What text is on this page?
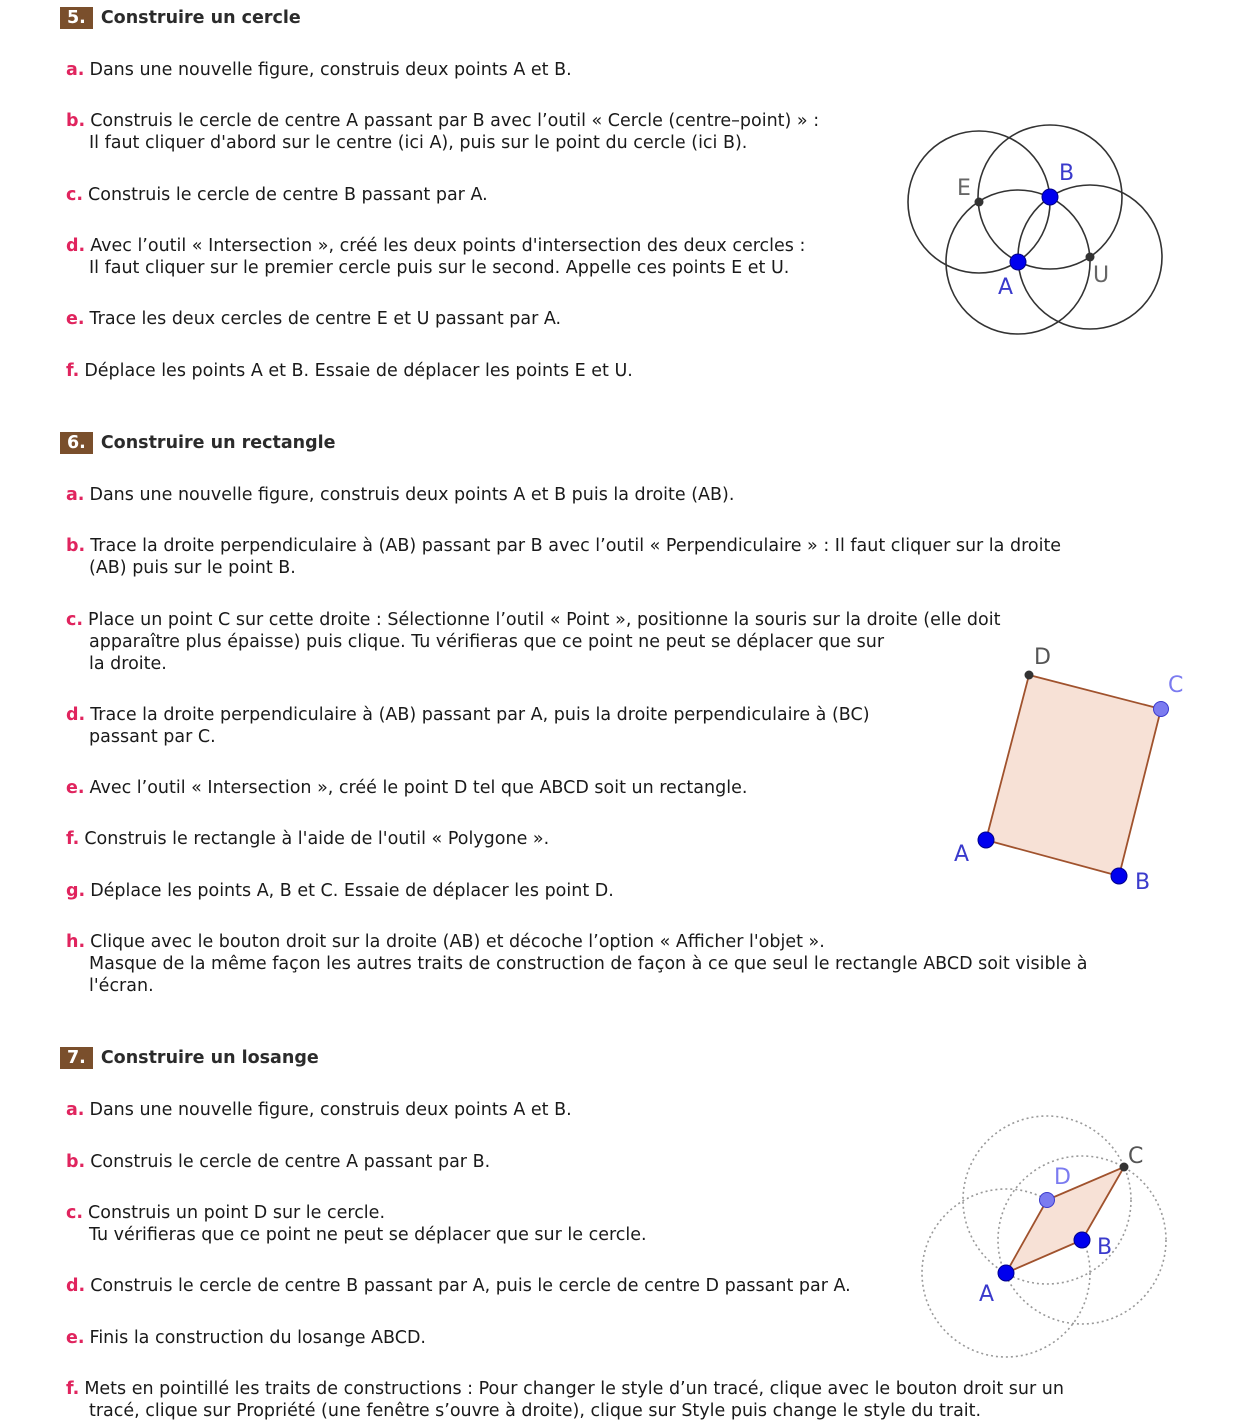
5. Construire un cercle
a. Dans une nouvelle figure, construis deux points A et B.
b. Construis le cercle de centre A passant par B avec l’outil « Cercle (centre–point) » :
Il faut cliquer d'abord sur le centre (ici A), puis sur le point du cercle (ici B).
c. Construis le cercle de centre B passant par A.
d. Avec l’outil « Intersection », créé les deux points d'intersection des deux cercles :
Il faut cliquer sur le premier cercle puis sur le second. Appelle ces points E et U.
e. Trace les deux cercles de centre E et U passant par A.
f. Déplace les points A et B. Essaie de déplacer les points E et U.
E
B
A	U
6. Construire un rectangle
a. Dans une nouvelle figure, construis deux points A et B puis la droite (AB).
b. Trace la droite perpendiculaire à (AB) passant par B avec l’outil « Perpendiculaire » : Il faut cliquer sur la droite
(AB) puis sur le point B.
c. Place un point C sur cette droite : Sélectionne l’outil « Point », positionne la souris sur la droite (elle doit
apparaître plus épaisse) puis clique. Tu vérifieras que ce point ne peut se déplacer que sur
la droite.
d. Trace la droite perpendiculaire à (AB) passant par A, puis la droite perpendiculaire à (BC)
passant par C.
e. Avec l’outil « Intersection », créé le point D tel que ABCD soit un rectangle.
f. Construis le rectangle à l'aide de l'outil « Polygone ».
g. Déplace les points A, B et C. Essaie de déplacer les point D.
h. Clique avec le bouton droit sur la droite (AB) et décoche l’option « Afficher l'objet ».
Masque de la même façon les autres traits de construction de façon à ce que seul le rectangle ABCD soit visible à
l'écran.
D
C
A
B
7. Construire un losange
a. Dans une nouvelle figure, construis deux points A et B.
b. Construis le cercle de centre A passant par B.
c. Construis un point D sur le cercle.
Tu vérifieras que ce point ne peut se déplacer que sur le cercle.
d. Construis le cercle de centre B passant par A, puis le cercle de centre D passant par A.
e. Finis la construction du losange ABCD.
f. Mets en pointillé les traits de constructions : Pour changer le style d’un tracé, clique avec le bouton droit sur un
tracé, clique sur Propriété (une fenêtre s’ouvre à droite), clique sur Style puis change le style du trait.
C
D
A
B
